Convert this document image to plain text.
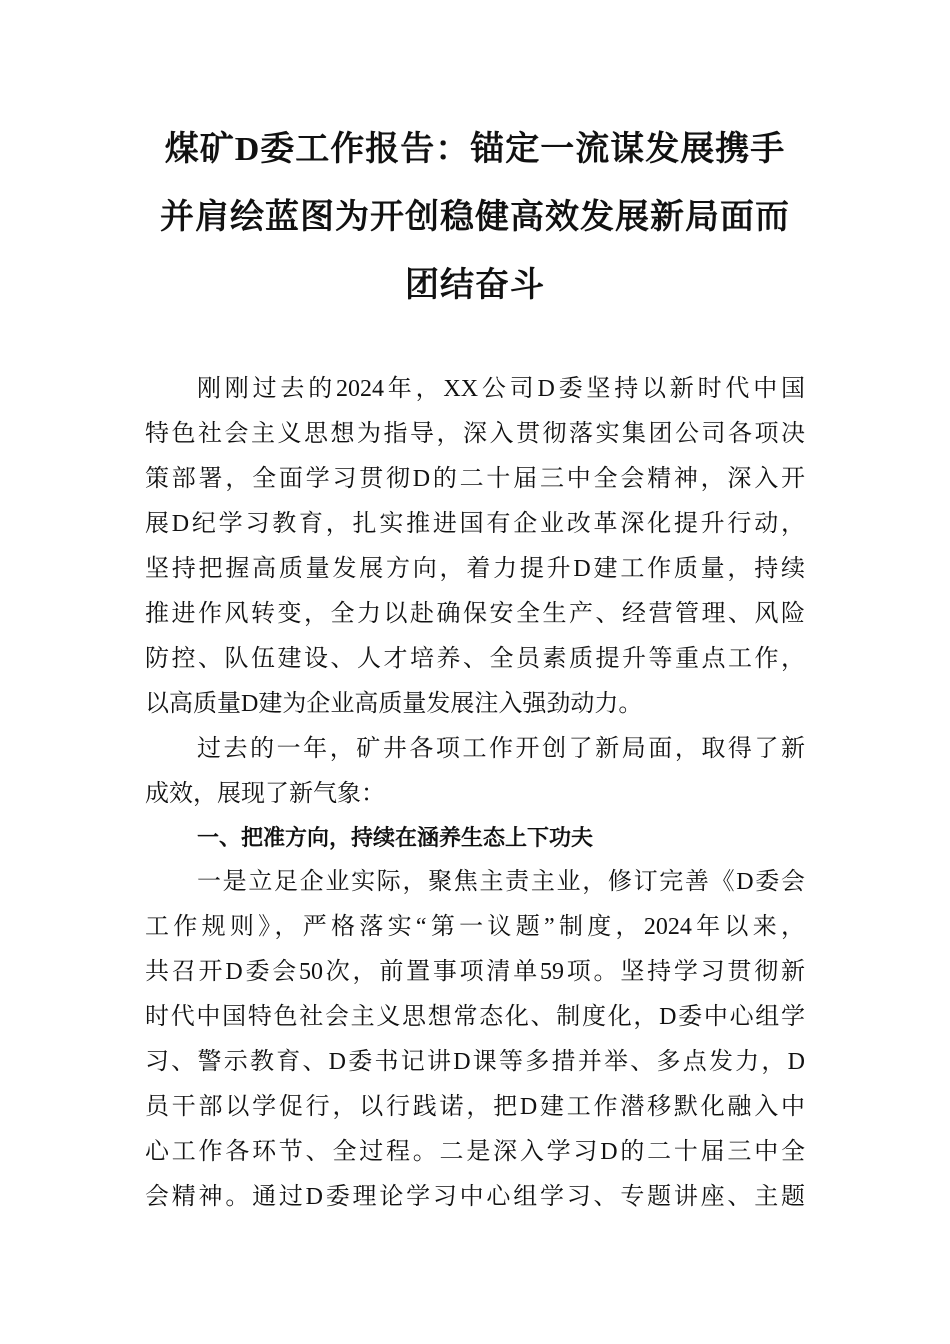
煤矿D委工作报告：锚定一流谋发展携手
并肩绘蓝图为开创稳健高效发展新局面而
团结奋斗
刚刚过去的2024年，XX公司D委坚持以新时代中国
特色社会主义思想为指导，深入贯彻落实集团公司各项决
策部署，全面学习贯彻D的二十届三中全会精神，深入开
展D纪学习教育，扎实推进国有企业改革深化提升行动，
坚持把握高质量发展方向，着力提升D建工作质量，持续
推进作风转变，全力以赴确保安全生产、经营管理、风险
防控、队伍建设、人才培养、全员素质提升等重点工作，
以高质量D建为企业高质量发展注入强劲动力。
过去的一年，矿井各项工作开创了新局面，取得了新
成效，展现了新气象：
一、把准方向，持续在涵养生态上下功夫
一是立足企业实际，聚焦主责主业，修订完善《D委会
工作规则》，严格落实“第一议题”制度，2024年以来，
共召开D委会50次，前置事项清单59项。坚持学习贯彻新
时代中国特色社会主义思想常态化、制度化，D委中心组学
习、警示教育、D委书记讲D课等多措并举、多点发力，D
员干部以学促行，以行践诺，把D建工作潜移默化融入中
心工作各环节、全过程。二是深入学习D的二十届三中全
会精神。通过D委理论学习中心组学习、专题讲座、主题
